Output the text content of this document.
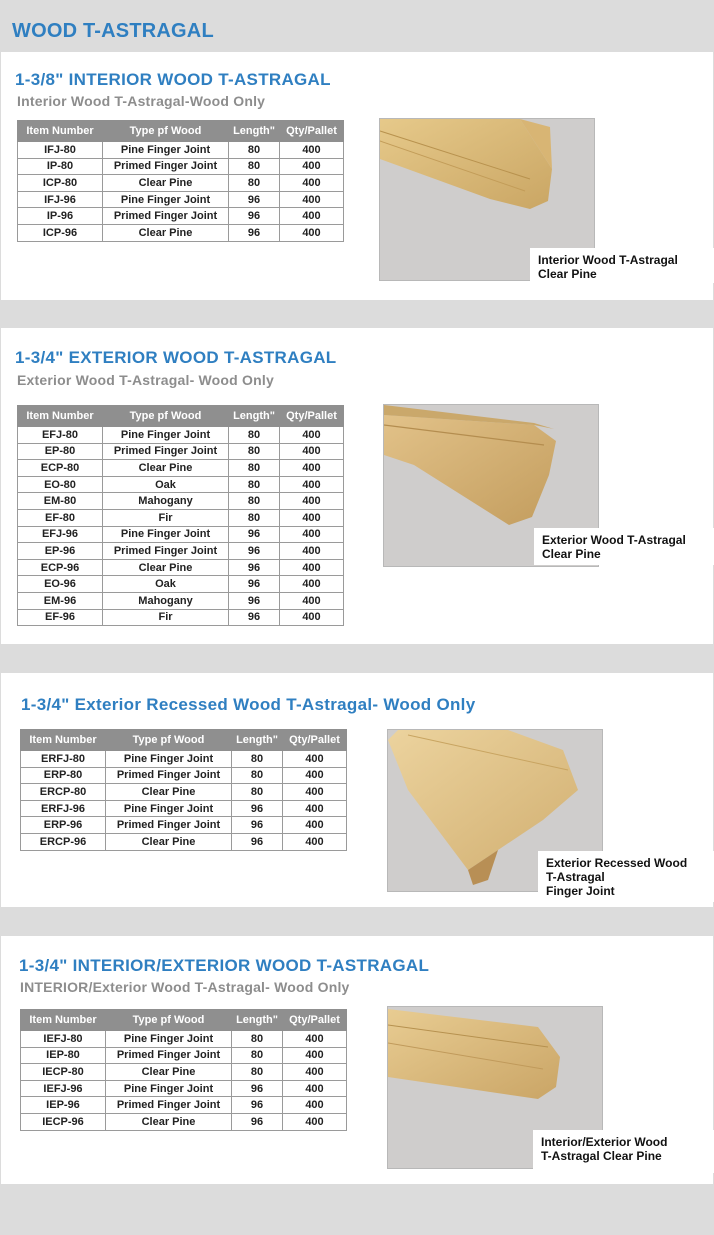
WOOD T-ASTRAGAL
1-3/8" INTERIOR WOOD T-ASTRAGAL
Interior Wood T-Astragal-Wood Only
Item Number	Type pf Wood	Length"	Qty/Pallet
IFJ-80	Pine Finger Joint	80	400
IP-80	Primed Finger Joint	80	400
ICP-80	Clear Pine	80	400
IFJ-96	Pine Finger Joint	96	400
IP-96	Primed Finger Joint	96	400
ICP-96	Clear Pine	96	400
Interior Wood T-Astragal
Clear Pine
1-3/4" EXTERIOR WOOD T-ASTRAGAL
Exterior Wood T-Astragal- Wood Only
Item Number	Type pf Wood	Length"	Qty/Pallet
EFJ-80	Pine Finger Joint	80	400
EP-80	Primed Finger Joint	80	400
ECP-80	Clear Pine	80	400
EO-80	Oak	80	400
EM-80	Mahogany	80	400
EF-80	Fir	80	400
EFJ-96	Pine Finger Joint	96	400
EP-96	Primed Finger Joint	96	400
ECP-96	Clear Pine	96	400
EO-96	Oak	96	400
EM-96	Mahogany	96	400
EF-96	Fir	96	400
Exterior Wood T-Astragal
Clear Pine
1-3/4" Exterior Recessed Wood T-Astragal- Wood Only
Item Number	Type pf Wood	Length"	Qty/Pallet
ERFJ-80	Pine Finger Joint	80	400
ERP-80	Primed Finger Joint	80	400
ERCP-80	Clear Pine	80	400
ERFJ-96	Pine Finger Joint	96	400
ERP-96	Primed Finger Joint	96	400
ERCP-96	Clear Pine	96	400
Exterior Recessed Wood
T-Astragal
Finger Joint
1-3/4" INTERIOR/EXTERIOR WOOD T-ASTRAGAL
INTERIOR/Exterior Wood T-Astragal- Wood Only
Item Number	Type pf Wood	Length"	Qty/Pallet
IEFJ-80	Pine Finger Joint	80	400
IEP-80	Primed Finger Joint	80	400
IECP-80	Clear Pine	80	400
IEFJ-96	Pine Finger Joint	96	400
IEP-96	Primed Finger Joint	96	400
IECP-96	Clear Pine	96	400
Interior/Exterior Wood
T-Astragal Clear Pine
